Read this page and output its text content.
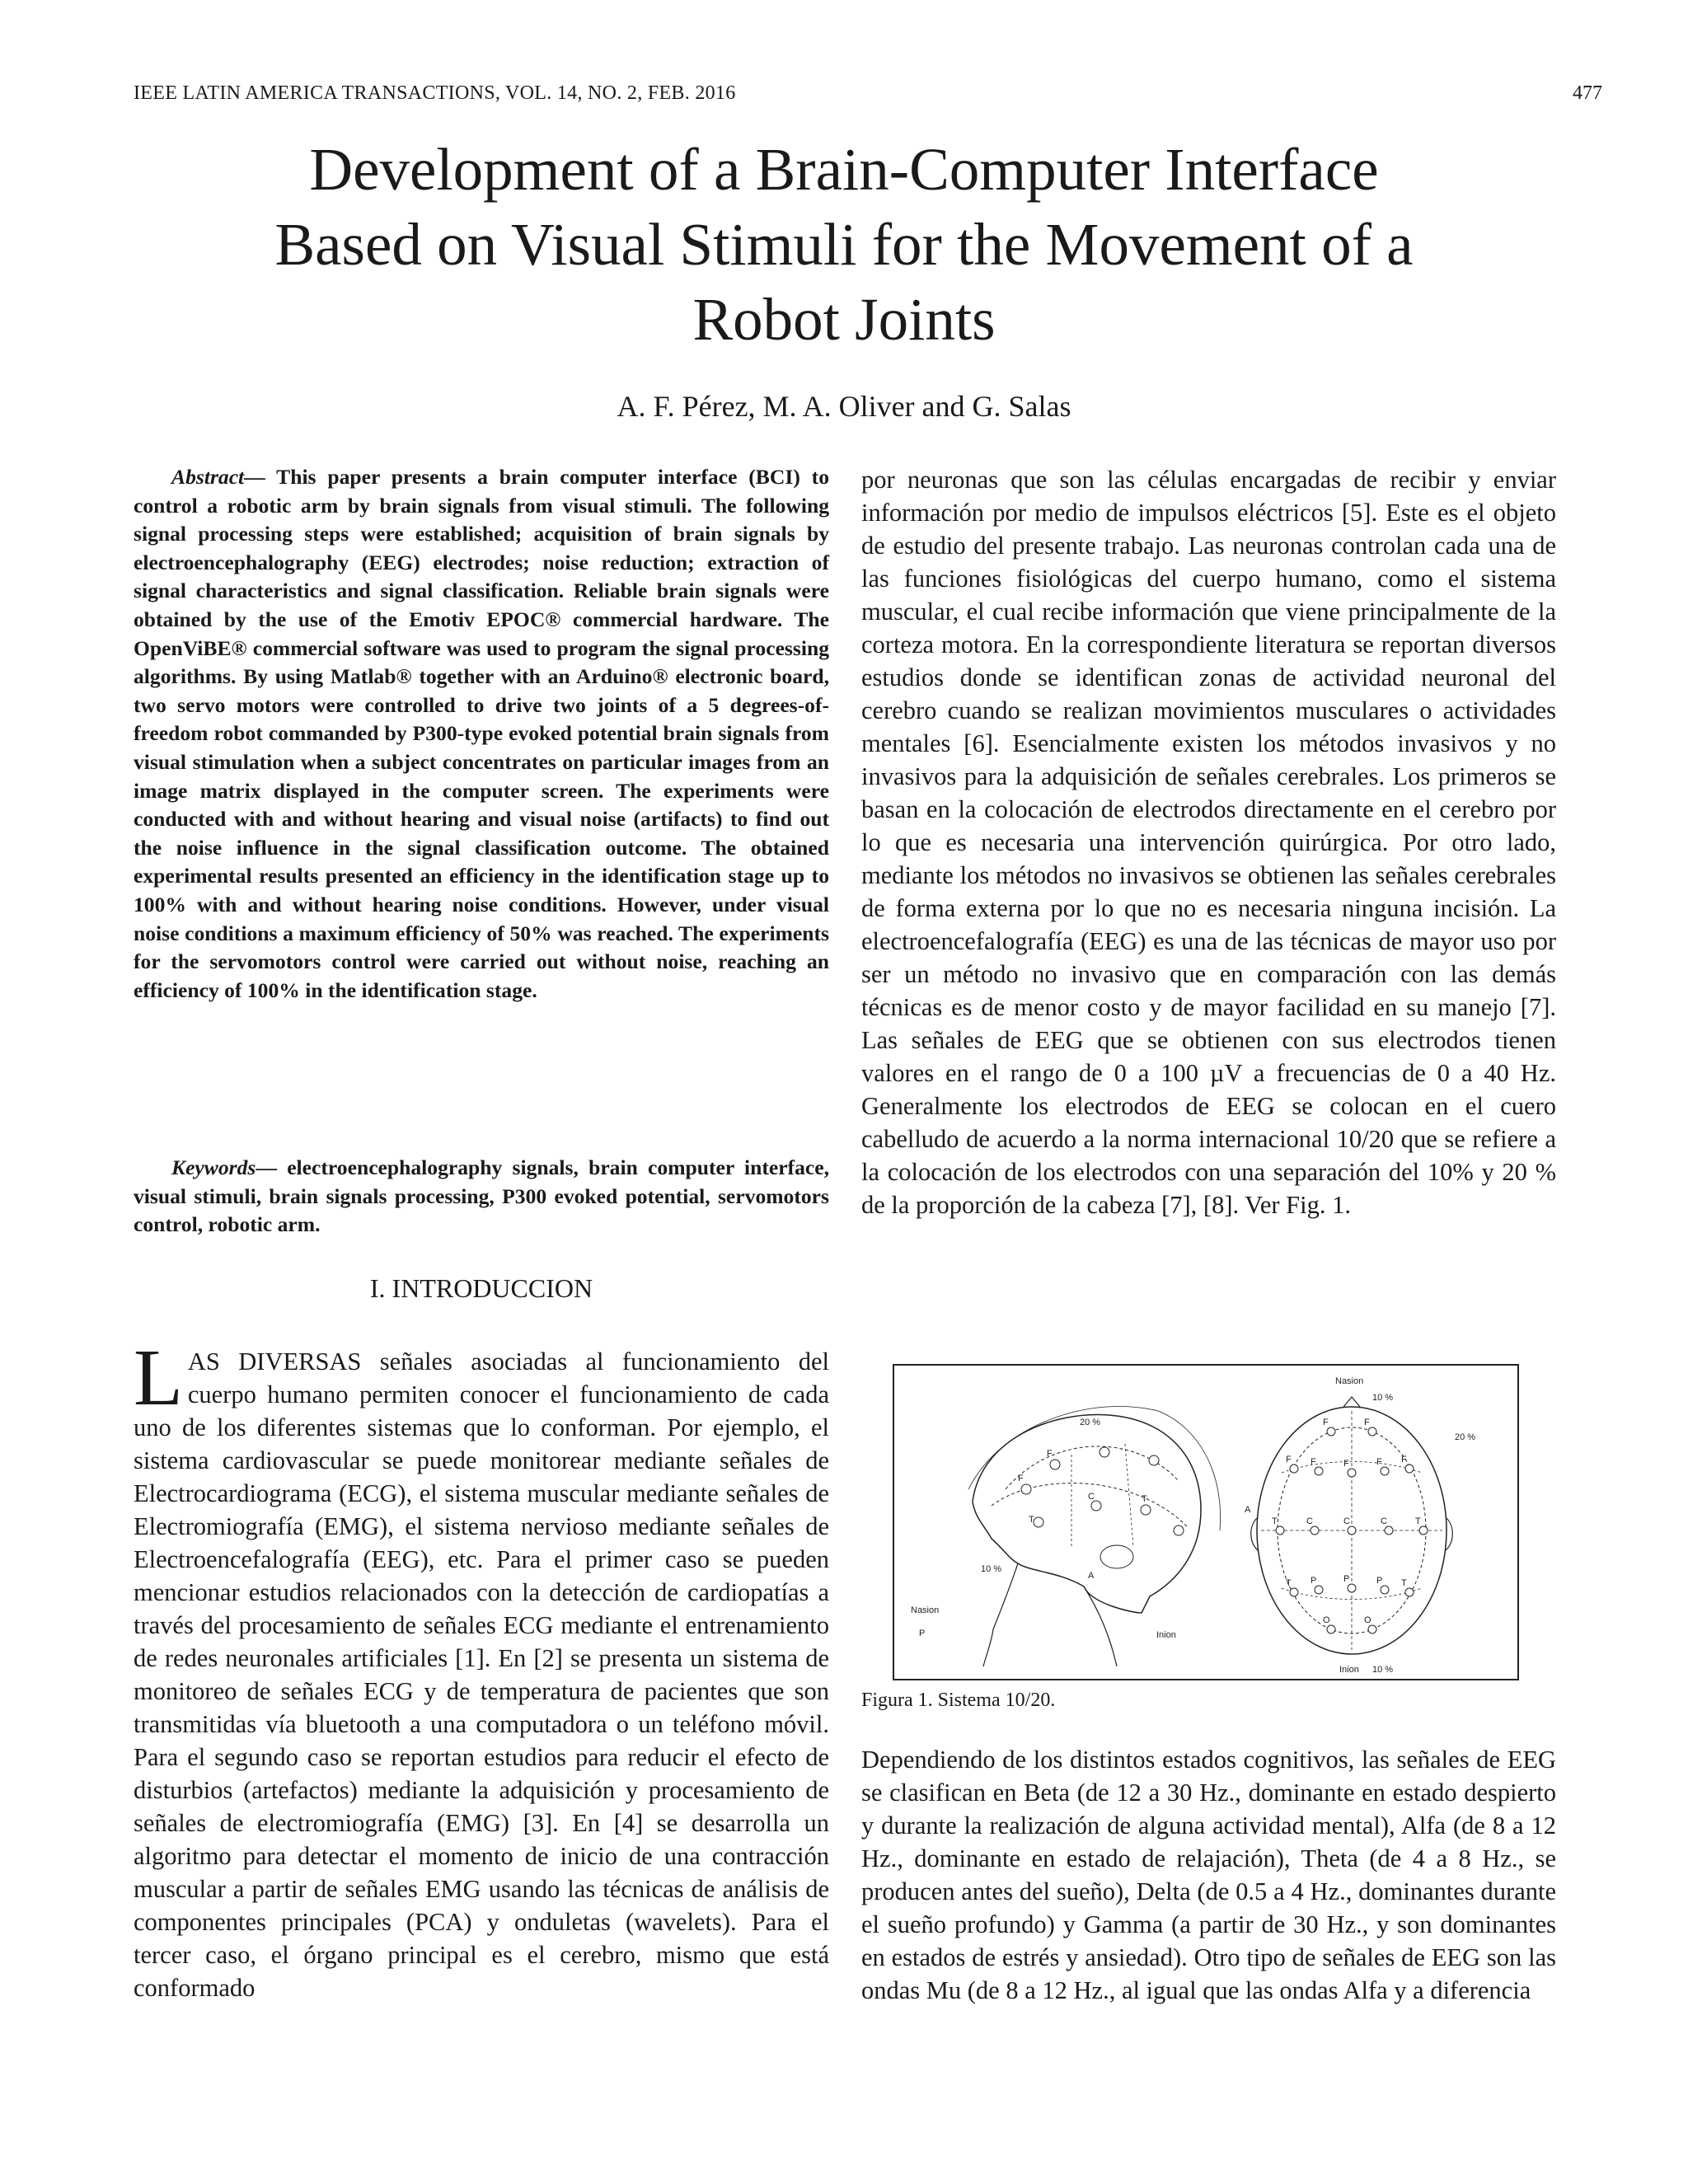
IEEE LATIN AMERICA TRANSACTIONS, VOL. 14, NO. 2, FEB. 2016	477
Development of a Brain-Computer Interface
Based on Visual Stimuli for the Movement of a
Robot Joints
A. F. Pérez, M. A. Oliver and G. Salas

Abstract— This paper presents a brain computer interface (BCI) to control a robotic arm by brain signals from visual stimuli. The following signal processing steps were established; acquisition of brain signals by electroencephalography (EEG) electrodes; noise reduction; extraction of signal characteristics and signal classification. Reliable brain signals were obtained by the use of the Emotiv EPOC® commercial hardware. The OpenViBE® commercial software was used to program the signal processing algorithms. By using Matlab® together with an Arduino® electronic board, two servo motors were controlled to drive two joints of a 5 degrees-of-freedom robot commanded by P300-type evoked potential brain signals from visual stimulation when a subject concentrates on particular images from an image matrix displayed in the computer screen. The experiments were conducted with and without hearing and visual noise (artifacts) to find out the noise influence in the signal classification outcome. The obtained experimental results presented an efficiency in the identification stage up to 100% with and without hearing noise conditions. However, under visual noise conditions a maximum efficiency of 50% was reached. The experiments for the servomotors control were carried out without noise, reaching an efficiency of 100% in the identification stage.

Keywords— electroencephalography signals, brain computer interface, visual stimuli, brain signals processing, P300 evoked potential, servomotors control, robotic arm.

I. INTRODUCCION

LAS DIVERSAS señales asociadas al funcionamiento del cuerpo humano permiten conocer el funcionamiento de cada uno de los diferentes sistemas que lo conforman. Por ejemplo, el sistema cardiovascular se puede monitorear mediante señales de Electrocardiograma (ECG), el sistema muscular mediante señales de Electromiografía (EMG), el sistema nervioso mediante señales de Electroencefalografía (EEG), etc. Para el primer caso se pueden mencionar estudios relacionados con la detección de cardiopatías a través del procesamiento de señales ECG mediante el entrenamiento de redes neuronales artificiales [1]. En [2] se presenta un sistema de monitoreo de señales ECG y de temperatura de pacientes que son transmitidas vía bluetooth a una computadora o un teléfono móvil. Para el segundo caso se reportan estudios para reducir el efecto de disturbios (artefactos) mediante la adquisición y procesamiento de señales de electromiografía (EMG) [3]. En [4] se desarrolla un algoritmo para detectar el momento de inicio de una contracción muscular a partir de señales EMG usando las técnicas de análisis de componentes principales (PCA) y onduletas (wavelets). Para el tercer caso, el órgano principal es el cerebro, mismo que está conformado

por neuronas que son las células encargadas de recibir y enviar información por medio de impulsos eléctricos [5]. Este es el objeto de estudio del presente trabajo. Las neuronas controlan cada una de las funciones fisiológicas del cuerpo humano, como el sistema muscular, el cual recibe información que viene principalmente de la corteza motora. En la correspondiente literatura se reportan diversos estudios donde se identifican zonas de actividad neuronal del cerebro cuando se realizan movimientos musculares o actividades mentales [6]. Esencialmente existen los métodos invasivos y no invasivos para la adquisición de señales cerebrales. Los primeros se basan en la colocación de electrodos directamente en el cerebro por lo que es necesaria una intervención quirúrgica. Por otro lado, mediante los métodos no invasivos se obtienen las señales cerebrales de forma externa por lo que no es necesaria ninguna incisión. La electroencefalografía (EEG) es una de las técnicas de mayor uso por ser un método no invasivo que en comparación con las demás técnicas es de menor costo y de mayor facilidad en su manejo [7]. Las señales de EEG que se obtienen con sus electrodos tienen valores en el rango de 0 a 100 µV a frecuencias de 0 a 40 Hz. Generalmente los electrodos de EEG se colocan en el cuero cabelludo de acuerdo a la norma internacional 10/20 que se refiere a la colocación de los electrodos con una separación del 10% y 20 % de la proporción de la cabeza [7], [8]. Ver Fig. 1.

20 %
10 %
Nasion
P
A
Inion
F
F
T
C	T
Nasion
10 %
Inion 10 %
20 %
A
F	F
F F	F	F F
T	C	C	C	T
T P	P	P T
O	O
Figura 1. Sistema 10/20.

Dependiendo de los distintos estados cognitivos, las señales de EEG se clasifican en Beta (de 12 a 30 Hz., dominante en estado despierto y durante la realización de alguna actividad mental), Alfa (de 8 a 12 Hz., dominante en estado de relajación), Theta (de 4 a 8 Hz., se producen antes del sueño), Delta (de 0.5 a 4 Hz., dominantes durante el sueño profundo) y Gamma (a partir de 30 Hz., y son dominantes en estados de estrés y ansiedad). Otro tipo de señales de EEG son las ondas Mu (de 8 a 12 Hz., al igual que las ondas Alfa y a diferencia
